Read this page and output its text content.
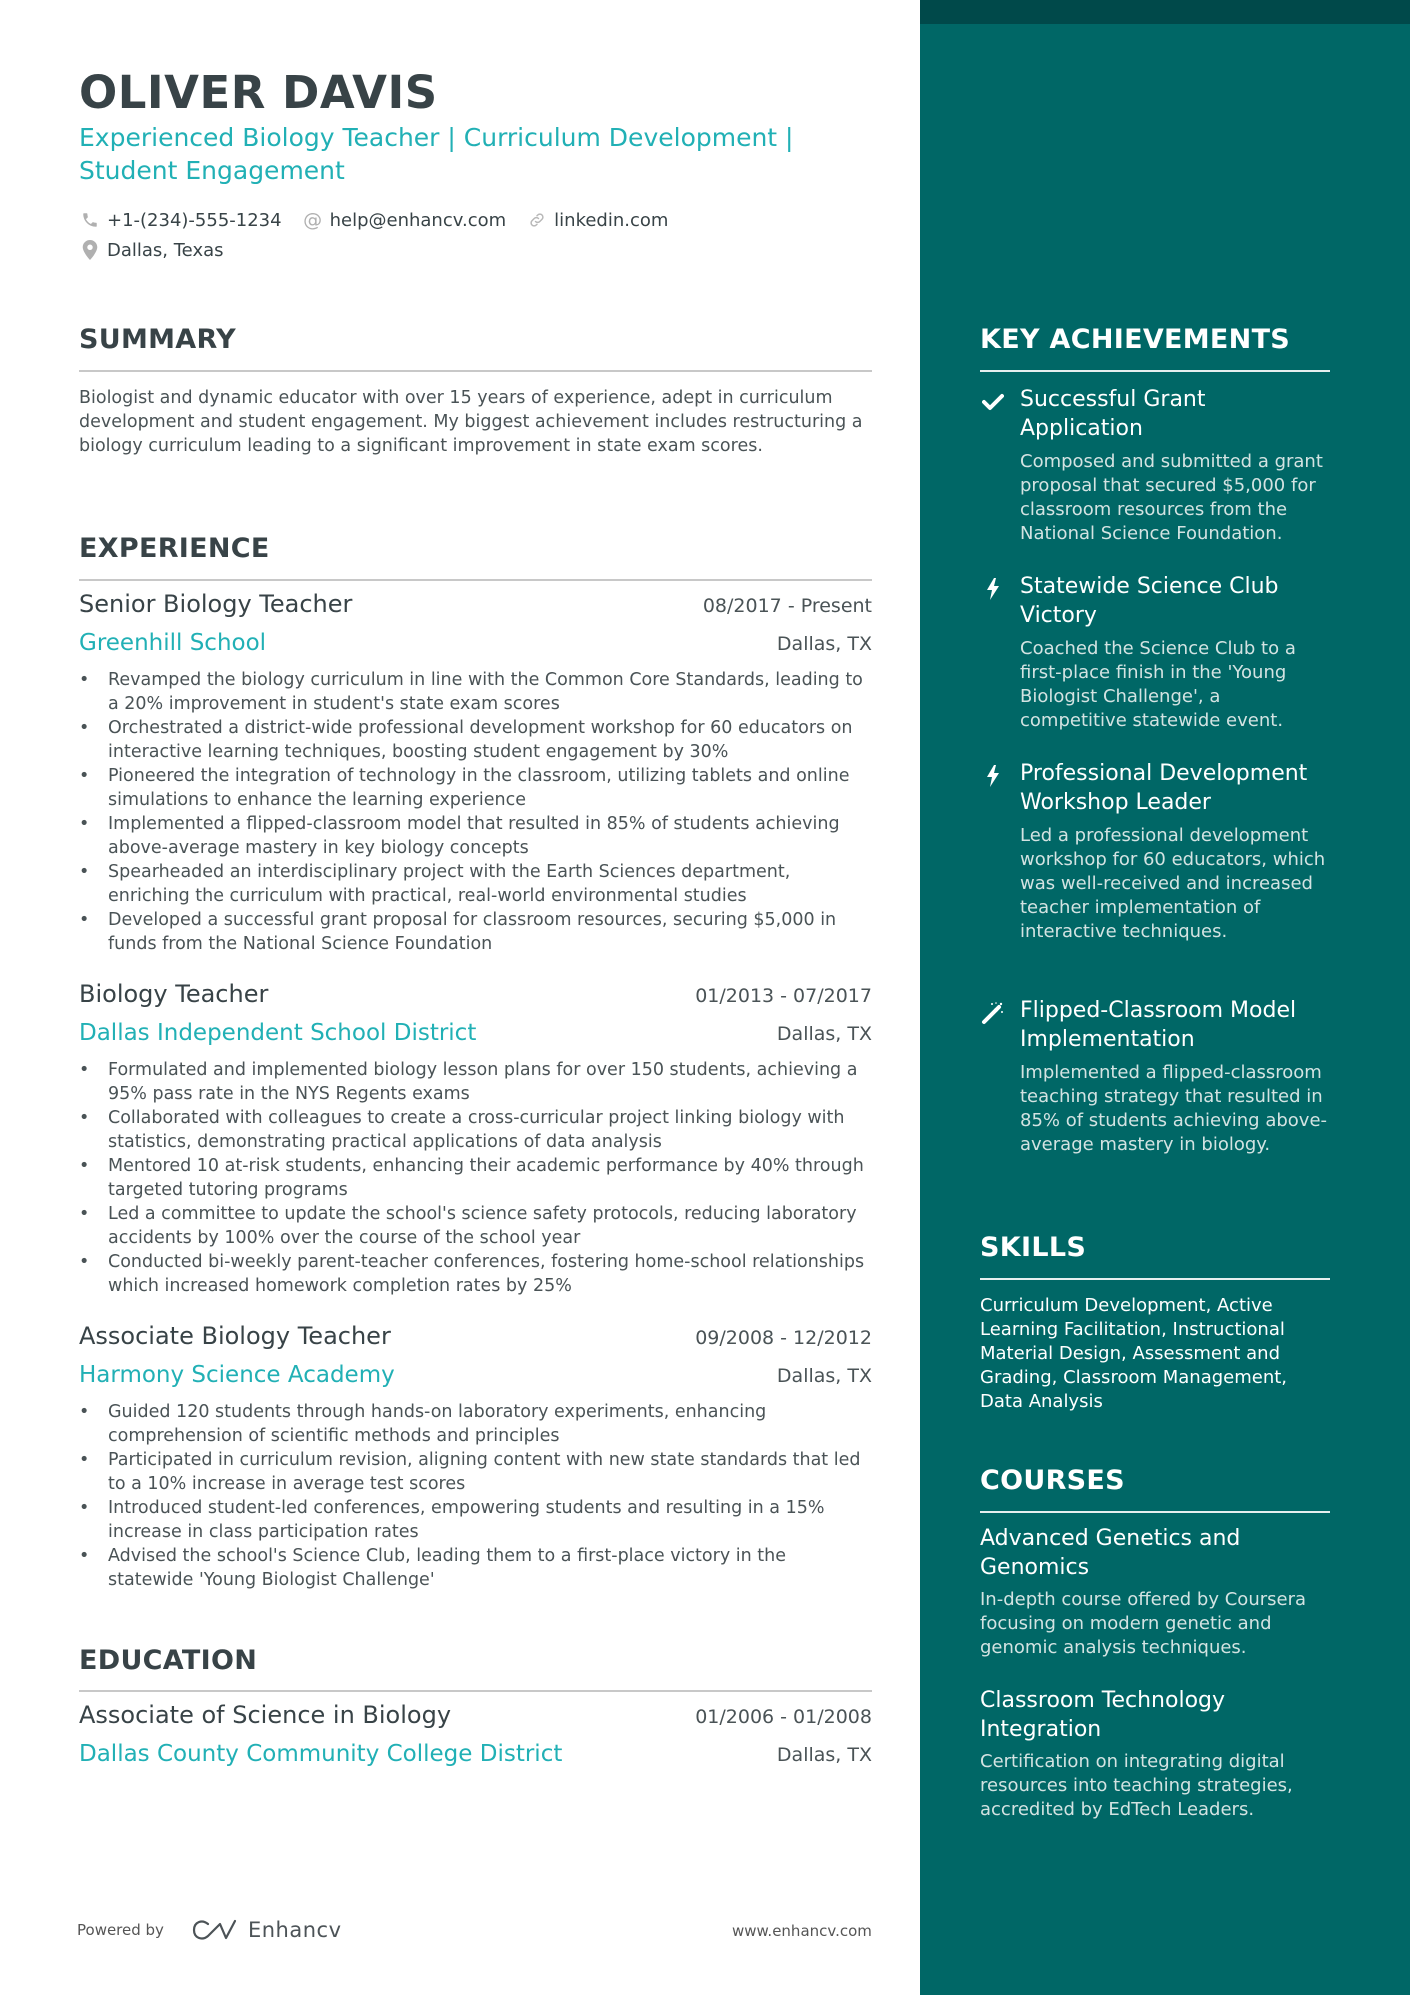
OLIVER DAVIS
Experienced Biology Teacher | Curriculum Development | Student Engagement
+1-(234)-555-1234 @ help@enhancv.com	linkedin.com
Dallas, Texas
SUMMARY

Biologist and dynamic educator with over 15 years of experience, adept in curriculum development and student engagement. My biggest achievement includes restructuring a biology curriculum leading to a significant improvement in state exam scores.

EXPERIENCE
Senior Biology Teacher	08/2017 - Present
Greenhill School	Dallas, TX
• Revamped the biology curriculum in line with the Common Core Standards, leading to a 20% improvement in student's state exam scores
• Orchestrated a district-wide professional development workshop for 60 educators on interactive learning techniques, boosting student engagement by 30%
• Pioneered the integration of technology in the classroom, utilizing tablets and online simulations to enhance the learning experience
• Implemented a flipped-classroom model that resulted in 85% of students achieving above-average mastery in key biology concepts
• Spearheaded an interdisciplinary project with the Earth Sciences department, enriching the curriculum with practical, real-world environmental studies
• Developed a successful grant proposal for classroom resources, securing $5,000 in funds from the National Science Foundation
Biology Teacher	01/2013 - 07/2017
Dallas Independent School District	Dallas, TX
• Formulated and implemented biology lesson plans for over 150 students, achieving a 95% pass rate in the NYS Regents exams
• Collaborated with colleagues to create a cross-curricular project linking biology with statistics, demonstrating practical applications of data analysis
• Mentored 10 at-risk students, enhancing their academic performance by 40% through targeted tutoring programs
• Led a committee to update the school's science safety protocols, reducing laboratory accidents by 100% over the course of the school year
• Conducted bi-weekly parent-teacher conferences, fostering home-school relationships which increased homework completion rates by 25%
Associate Biology Teacher	09/2008 - 12/2012
Harmony Science Academy	Dallas, TX
• Guided 120 students through hands-on laboratory experiments, enhancing comprehension of scientific methods and principles
• Participated in curriculum revision, aligning content with new state standards that led to a 10% increase in average test scores
• Introduced student-led conferences, empowering students and resulting in a 15% increase in class participation rates
• Advised the school's Science Club, leading them to a first-place victory in the statewide 'Young Biologist Challenge'
EDUCATION
Associate of Science in Biology	01/2006 - 01/2008
Dallas County Community College District	Dallas, TX
Powered by	Enhancv	www.enhancv.com
KEY ACHIEVEMENTS
Successful Grant Application
Composed and submitted a grant proposal that secured $5,000 for classroom resources from the National Science Foundation.
Statewide Science Club Victory
Coached the Science Club to a first-place finish in the 'Young Biologist Challenge', a competitive statewide event.
Professional Development Workshop Leader
Led a professional development workshop for 60 educators, which was well-received and increased teacher implementation of interactive techniques.
Flipped-Classroom Model Implementation
Implemented a flipped-classroom teaching strategy that resulted in 85% of students achieving above-average mastery in biology.
SKILLS

Curriculum Development, Active Learning Facilitation, Instructional Material Design, Assessment and Grading, Classroom Management, Data Analysis

COURSES
Advanced Genetics and Genomics
In-depth course offered by Coursera focusing on modern genetic and genomic analysis techniques.
Classroom Technology Integration
Certification on integrating digital resources into teaching strategies, accredited by EdTech Leaders.
